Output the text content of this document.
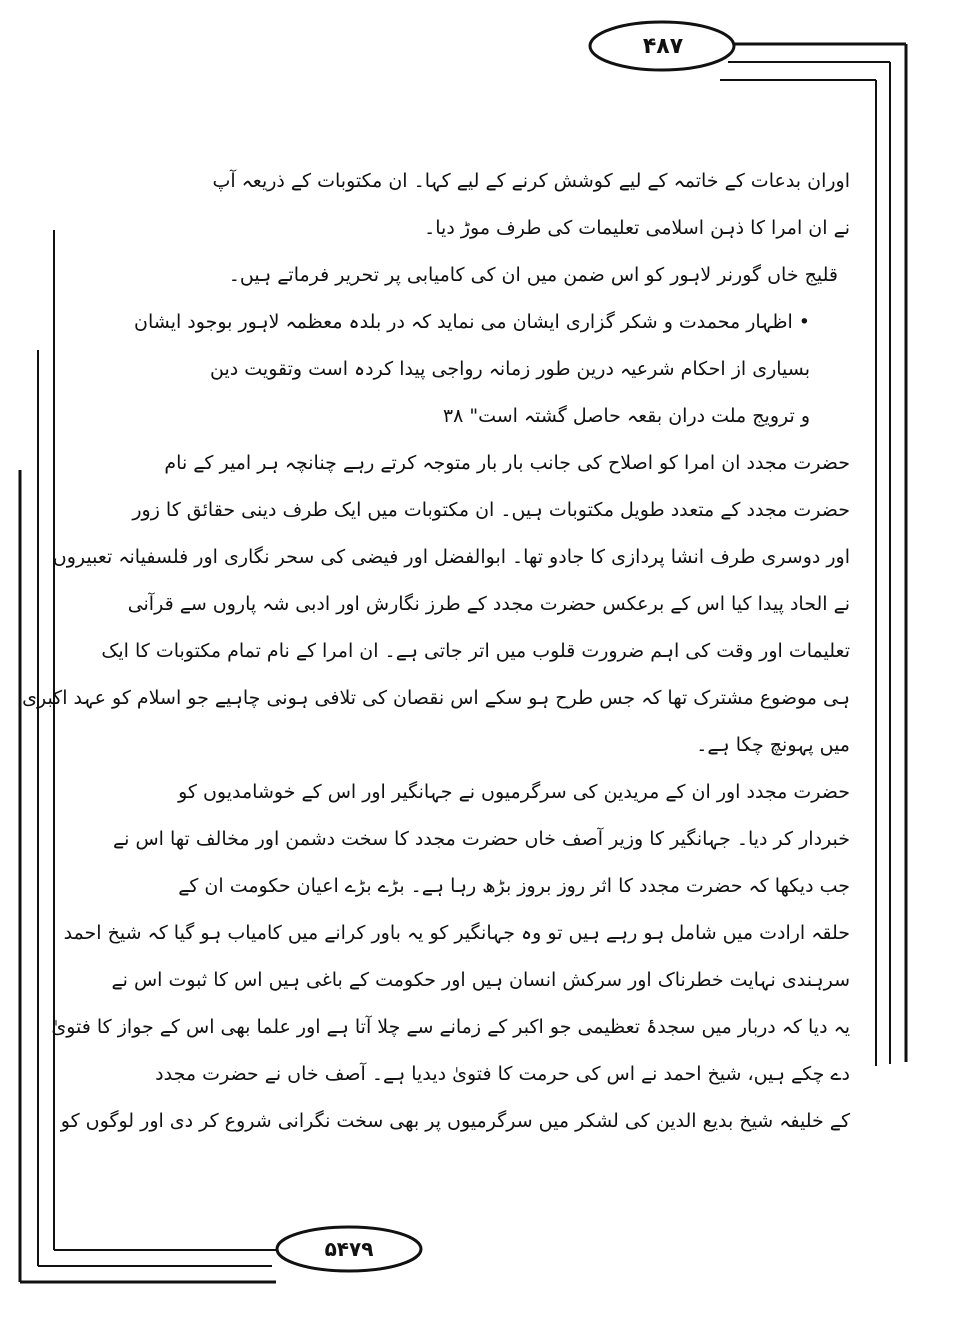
۴۸۷
۵۴۷۹
اوران بدعات کے خاتمہ کے لیے کوشش کرنے کے لیے کہا۔ ان مکتوبات کے ذریعہ آپ
نے ان امرا کا ذہن اسلامی تعلیمات کی طرف موڑ دیا۔
قلیج خاں گورنر لاہور کو اس ضمن میں ان کی کامیابی پر تحریر فرماتے ہیں۔
• اظہار محمدت و شکر گزاری ایشان می نماید کہ در بلدہ معظمہ لاہور بوجود ایشان
بسیاری از احکام شرعیہ درین طور زمانہ رواجی پیدا کردہ است وتقویت دین
و ترویج ملت دران بقعہ حاصل گشتہ است" ۳۸
حضرت مجدد ان امرا کو اصلاح کی جانب بار بار متوجہ کرتے رہے چنانچہ ہر امیر کے نام
حضرت مجدد کے متعدد طویل مکتوبات ہیں۔ ان مکتوبات میں ایک طرف دینی حقائق کا زور
اور دوسری طرف انشا پردازی کا جادو تھا۔ ابوالفضل اور فیضی کی سحر نگاری اور فلسفیانہ تعبیروں
نے الحاد پیدا کیا اس کے برعکس حضرت مجدد کے طرز نگارش اور ادبی شہ پاروں سے قرآنی
تعلیمات اور وقت کی اہم ضرورت قلوب میں اتر جاتی ہے۔ ان امرا کے نام تمام مکتوبات کا ایک
ہی موضوع مشترک تھا کہ جس طرح ہو سکے اس نقصان کی تلافی ہونی چاہیے جو اسلام کو عہد اکبری
میں پہونچ چکا ہے۔
حضرت مجدد اور ان کے مریدین کی سرگرمیوں نے جہانگیر اور اس کے خوشامدیوں کو
خبردار کر دیا۔ جہانگیر کا وزیر آصف خاں حضرت مجدد کا سخت دشمن اور مخالف تھا اس نے
جب دیکھا کہ حضرت مجدد کا اثر روز بروز بڑھ رہا ہے۔ بڑے بڑے اعیان حکومت ان کے
حلقہ ارادت میں شامل ہو رہے ہیں تو وہ جہانگیر کو یہ باور کرانے میں کامیاب ہو گیا کہ شیخ احمد
سرہندی نہایت خطرناک اور سرکش انسان ہیں اور حکومت کے باغی ہیں اس کا ثبوت اس نے
یہ دیا کہ دربار میں سجدۂ تعظیمی جو اکبر کے زمانے سے چلا آتا ہے اور علما بھی اس کے جواز کا فتویٰ
دے چکے ہیں، شیخ احمد نے اس کی حرمت کا فتویٰ دیدیا ہے۔ آصف خاں نے حضرت مجدد
کے خلیفہ شیخ بدیع الدین کی لشکر میں سرگرمیوں پر بھی سخت نگرانی شروع کر دی اور لوگوں کو
